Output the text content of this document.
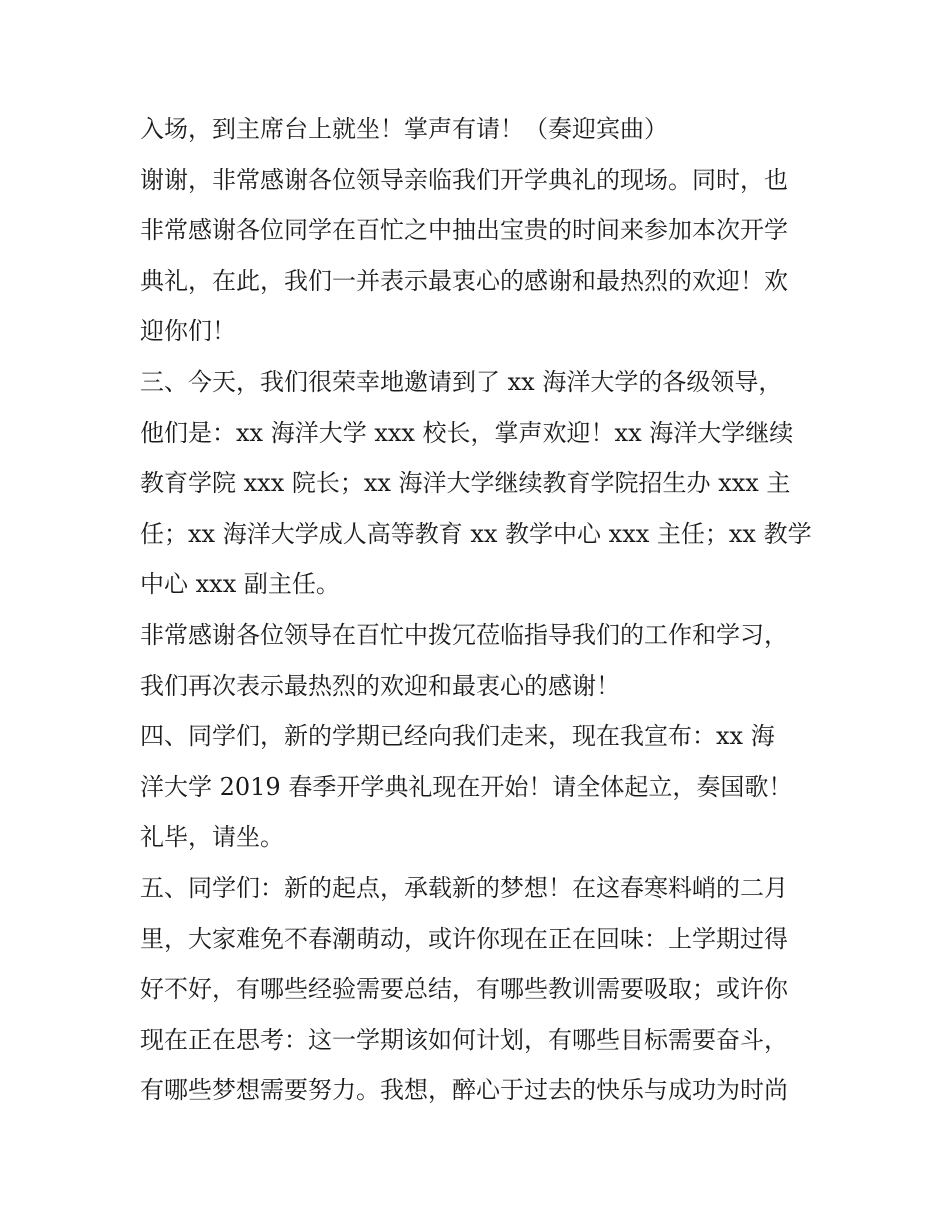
入场，到主席台上就坐！掌声有请！（奏迎宾曲）
谢谢，非常感谢各位领导亲临我们开学典礼的现场。同时，也
非常感谢各位同学在百忙之中抽出宝贵的时间来参加本次开学
典礼，在此，我们一并表示最衷心的感谢和最热烈的欢迎！欢
迎你们！
三、今天，我们很荣幸地邀请到了 xx 海洋大学的各级领导，
他们是：xx 海洋大学 xxx 校长，掌声欢迎！xx 海洋大学继续
教育学院 xxx 院长；xx 海洋大学继续教育学院招生办 xxx 主
任；xx 海洋大学成人高等教育 xx 教学中心 xxx 主任；xx 教学
中心 xxx 副主任。
非常感谢各位领导在百忙中拨冗莅临指导我们的工作和学习，
我们再次表示最热烈的欢迎和最衷心的感谢！
四、同学们，新的学期已经向我们走来，现在我宣布：xx 海
洋大学 2019 春季开学典礼现在开始！请全体起立，奏国歌！
礼毕，请坐。
五、同学们：新的起点，承载新的梦想！在这春寒料峭的二月
里，大家难免不春潮萌动，或许你现在正在回味：上学期过得
好不好，有哪些经验需要总结，有哪些教训需要吸取；或许你
现在正在思考：这一学期该如何计划，有哪些目标需要奋斗，
有哪些梦想需要努力。我想，醉心于过去的快乐与成功为时尚
